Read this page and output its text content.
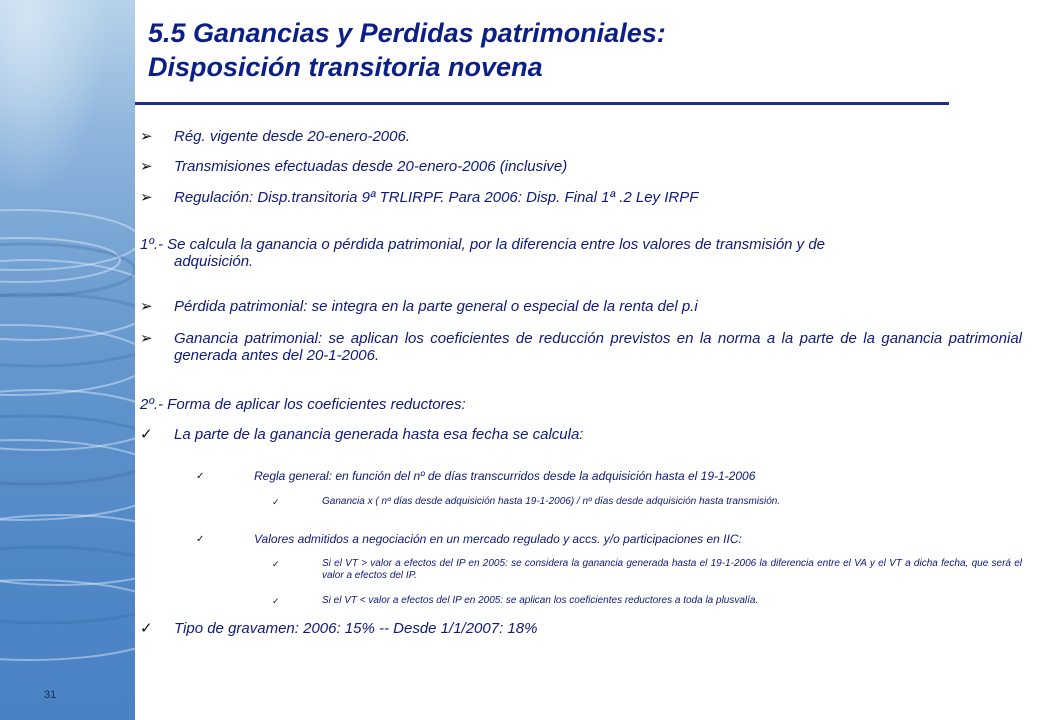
31
5.5 Ganancias y Perdidas patrimoniales:
Disposición transitoria novena
➢	Rég. vigente desde 20-enero-2006.
➢	Transmisiones efectuadas desde 20-enero-2006 (inclusive)
➢	Regulación: Disp.transitoria 9ª TRLIRPF. Para 2006: Disp. Final 1ª .2 Ley IRPF
1º.- Se calcula la ganancia o pérdida patrimonial, por la diferencia entre los valores de transmisión y de
adquisición.
➢	Pérdida patrimonial: se integra en la parte general o especial de la renta del p.i
➢	Ganancia patrimonial: se aplican los coeficientes de reducción previstos en la norma a la parte de la ganancia patrimonial generada antes del 20-1-2006.
2º.- Forma de aplicar los coeficientes reductores:
✓	La parte de la ganancia generada hasta esa fecha se calcula:
✓	Regla general: en función del nº de días transcurridos desde la adquisición hasta el 19-1-2006
✓	Ganancia x ( nº días desde adquisición hasta 19-1-2006) / nº días desde adquisición hasta transmisión.
✓	Valores admitidos a negociación en un mercado regulado y accs. y/o participaciones en IIC:
✓	Si el VT > valor a efectos del IP en 2005: se considera la ganancia generada hasta el 19-1-2006 la diferencia entre el VA y el VT a dicha fecha, que será el valor a efectos del IP.
✓	Si el VT < valor a efectos del IP en 2005: se aplican los coeficientes reductores a toda la plusvalía.
✓	Tipo de gravamen: 2006: 15% -- Desde 1/1/2007: 18%
